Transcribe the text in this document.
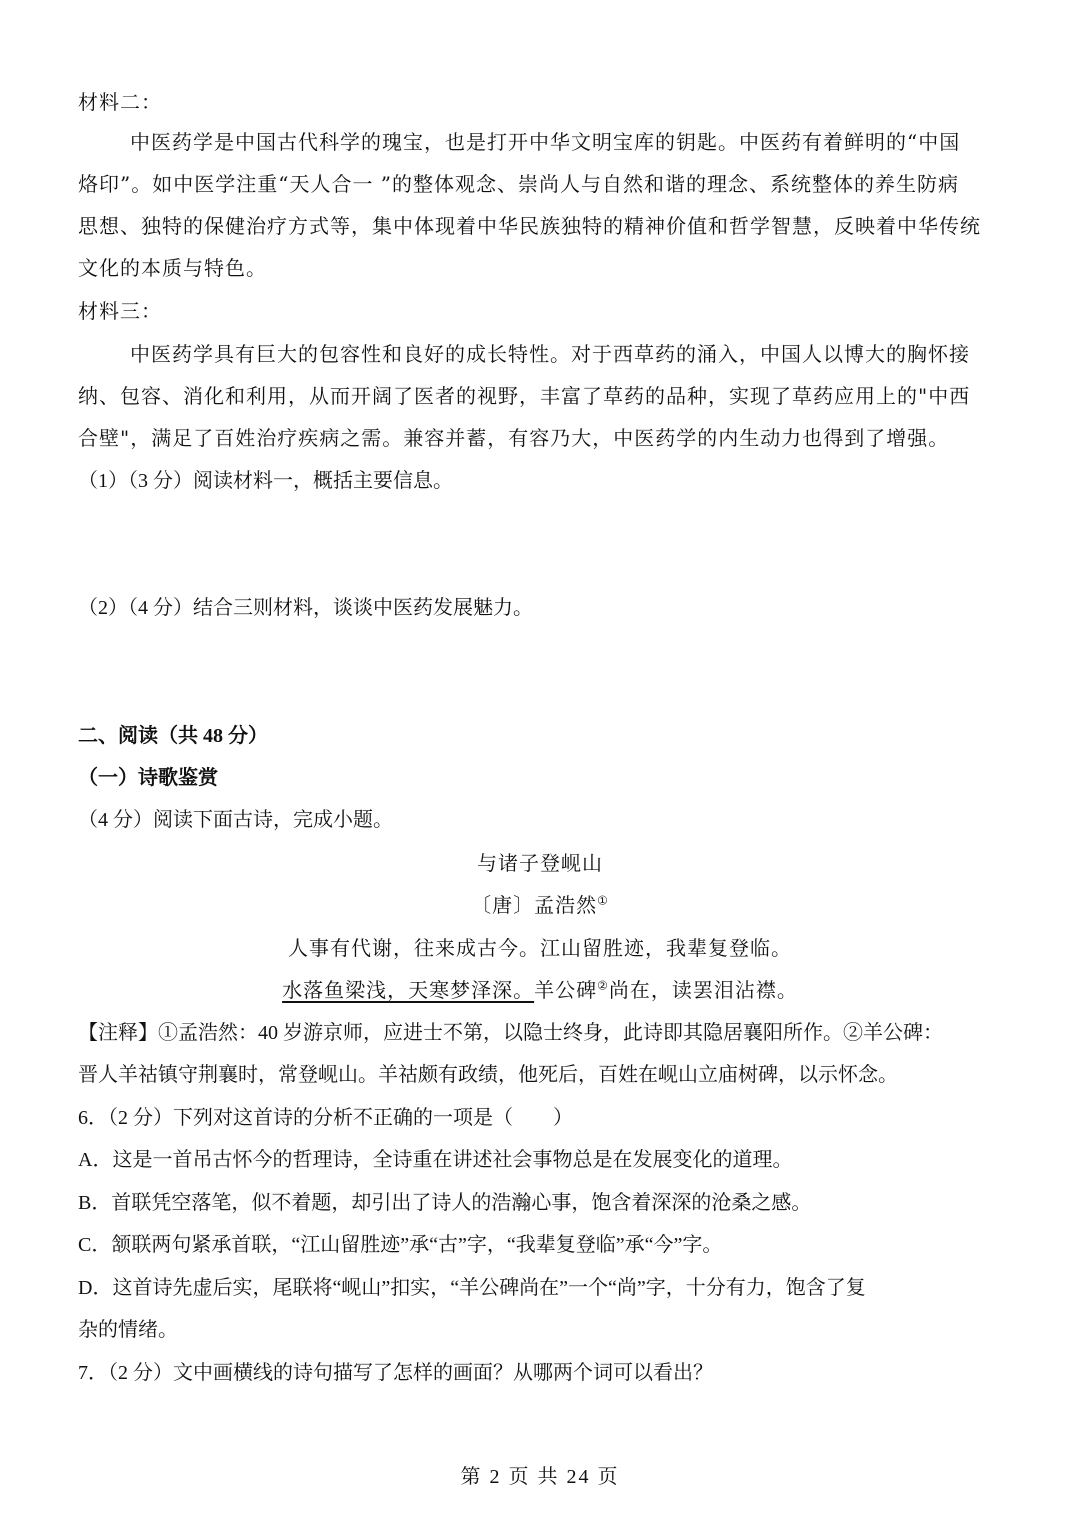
材料二：
中医药学是中国古代科学的瑰宝，也是打开中华文明宝库的钥匙。中医药有着鲜明的“中国
烙印”。如中医学注重“天人合一 ”的整体观念、崇尚人与自然和谐的理念、系统整体的养生防病
思想、独特的保健治疗方式等，集中体现着中华民族独特的精神价值和哲学智慧，反映着中华传统
文化的本质与特色。
材料三：
中医药学具有巨大的包容性和良好的成长特性。对于西草药的涌入，中国人以博大的胸怀接
纳、包容、消化和利用，从而开阔了医者的视野，丰富了草药的品种，实现了草药应用上的"中西
合壁"，满足了百姓治疗疾病之需。兼容并蓄，有容乃大，中医药学的内生动力也得到了增强。
（1）（3 分）阅读材料一，概括主要信息。
（2）（4 分）结合三则材料，谈谈中医药发展魅力。
二、阅读（共 48 分）
（一）诗歌鉴赏
（4 分）阅读下面古诗，完成小题。
与诸子登岘山
〔唐〕孟浩然①
人事有代谢，往来成古今。江山留胜迹，我辈复登临。
水落鱼梁浅，天寒梦泽深。羊公碑②尚在，读罢泪沾襟。
【注释】①孟浩然：40 岁游京师，应进士不第，以隐士终身，此诗即其隐居襄阳所作。②羊公碑：
晋人羊祜镇守荆襄时，常登岘山。羊祜颇有政绩，他死后，百姓在岘山立庙树碑，以示怀念。
6．（2 分）下列对这首诗的分析不正确的一项是（　　）
A．这是一首吊古怀今的哲理诗，全诗重在讲述社会事物总是在发展变化的道理。
B．首联凭空落笔，似不着题，却引出了诗人的浩瀚心事，饱含着深深的沧桑之感。
C．颔联两句紧承首联，“江山留胜迹”承“古”字，“我辈复登临”承“今”字。
D．这首诗先虚后实，尾联将“岘山”扣实，“羊公碑尚在”一个“尚”字，十分有力，饱含了复
杂的情绪。
7．（2 分）文中画横线的诗句描写了怎样的画面？从哪两个词可以看出？
第 2 页 共 24 页
